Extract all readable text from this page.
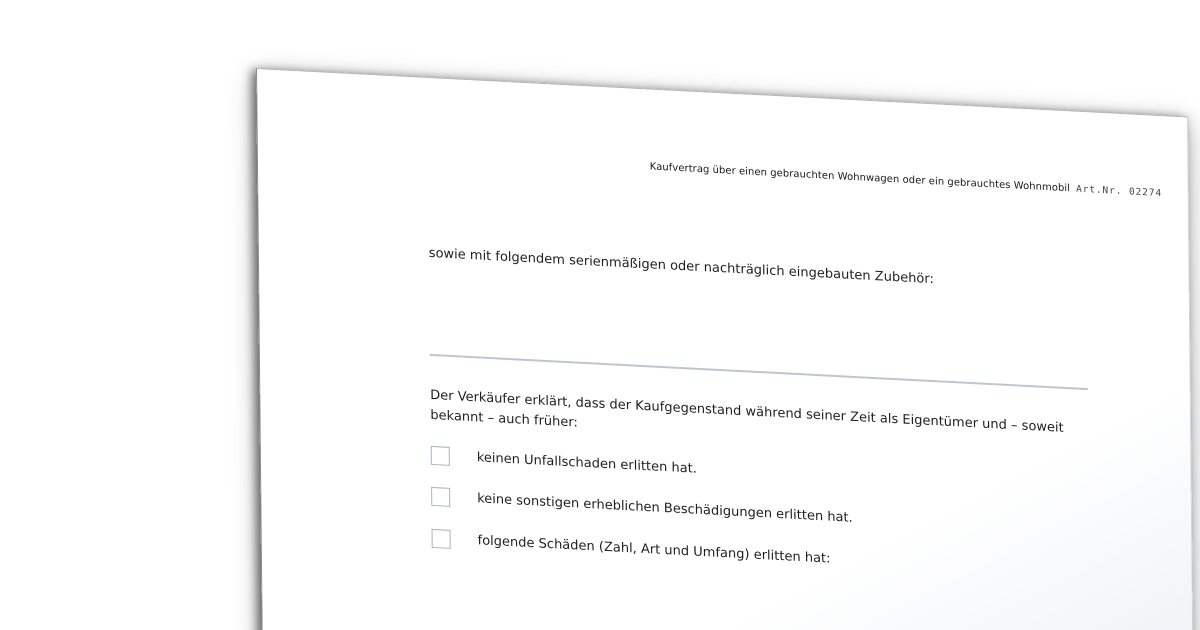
Kaufvertrag über einen gebrauchten Wohnwagen oder ein gebrauchtes Wohnmobil Art.Nr. 02274
sowie mit folgendem serienmäßigen oder nachträglich eingebauten Zubehör:
Der Verkäufer erklärt, dass der Kaufgegenstand während seiner Zeit als Eigentümer und – soweit bekannt – auch früher:
keinen Unfallschaden erlitten hat.
keine sonstigen erheblichen Beschädigungen erlitten hat.
folgende Schäden (Zahl, Art und Umfang) erlitten hat:
